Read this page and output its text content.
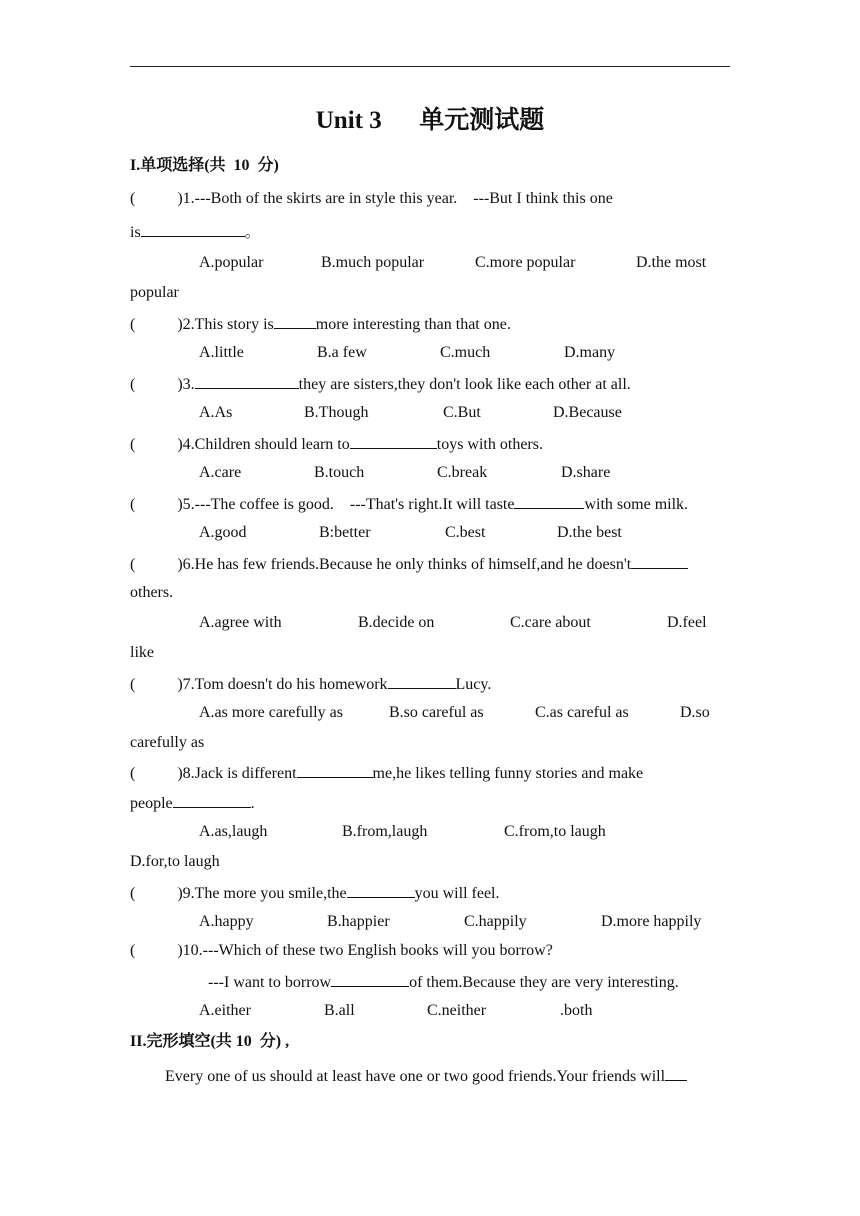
Unit 3      单元测试题
I.单项选择(共  10  分)
(	)1.---Both of the skirts are in style this year.    ---But I think this one
is	。
A.popular	B.much popular	C.more popular	D.the most
popular
(	)2.This story is	more interesting than that one.
A.little	B.a few	C.much	D.many
(	)3.	they are sisters,they don't look like each other at all.
A.As	B.Though	C.But	D.Because
(	)4.Children should learn to	toys with others.
A.care	B.touch	C.break	D.share
(	)5.---The coffee is good.    ---That's right.It will taste	with some milk.
A.good	B:better	C.best	D.the best
(	)6.He has few friends.Because he only thinks of himself,and he doesn't
others.
A.agree with	B.decide on	C.care about	D.feel
like
(	)7.Tom doesn't do his homework	Lucy.
A.as more carefully as	B.so careful as	C.as careful as	D.so
carefully as
(	)8.Jack is different	me,he likes telling funny stories and make
people	.
A.as,laugh	B.from,laugh	C.from,to laugh
D.for,to laugh
(	)9.The more you smile,the	you will feel.
A.happy	B.happier	C.happily	D.more happily
(	)10.---Which of these two English books will you borrow?
---I want to borrow	of them.Because they are very interesting.
A.either	B.all	C.neither	.both
II.完形填空(共 10  分) ,
Every one of us should at least have one or two good friends.Your friends will
